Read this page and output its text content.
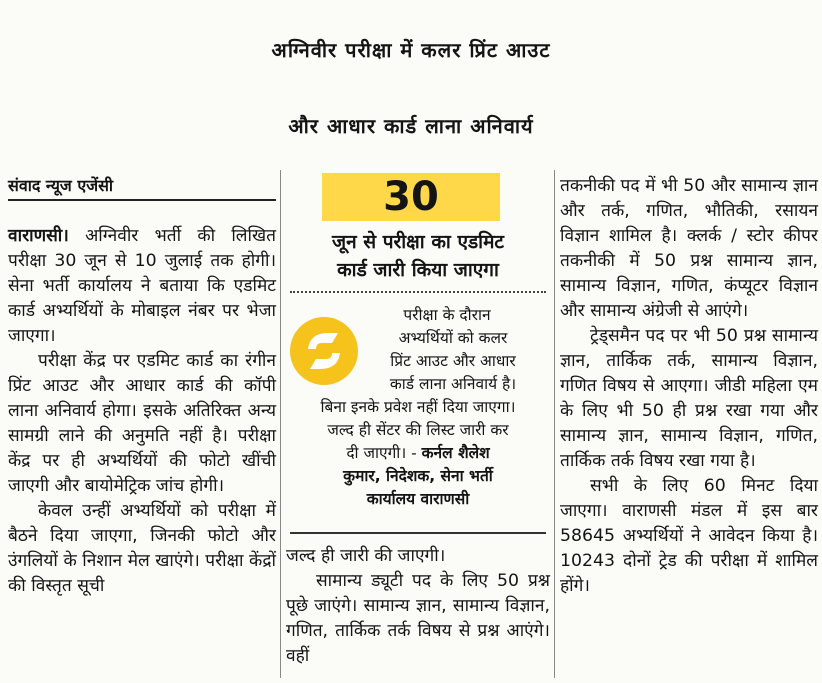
अग्निवीर परीक्षा में कलर प्रिंट आउट
और आधार कार्ड लाना अनिवार्य
संवाद न्यूज एजेंसी

वाराणसी। अग्निवीर भर्ती की लिखित परीक्षा 30 जून से 10 जुलाई तक होगी। सेना भर्ती कार्यालय ने बताया कि एडमिट कार्ड अभ्यर्थियों के मोबाइल नंबर पर भेजा जाएगा।

परीक्षा केंद्र पर एडमिट कार्ड का रंगीन प्रिंट आउट और आधार कार्ड की कॉपी लाना अनिवार्य होगा। इसके अतिरिक्त अन्य सामग्री लाने की अनुमति नहीं है। परीक्षा केंद्र पर ही अभ्यर्थियों की फोटो खींची जाएगी और बायोमेट्रिक जांच होगी।

केवल उन्हीं अभ्यर्थियों को परीक्षा में बैठने दिया जाएगा, जिनकी फोटो और उंगलियों के निशान मेल खाएंगे। परीक्षा केंद्रों की विस्तृत सूची

30
जून से परीक्षा का एडमिट
कार्ड जारी किया जाएगा
परीक्षा के दौरान
अभ्यर्थियों को कलर
प्रिंट आउट और आधार
कार्ड लाना अनिवार्य है।
बिना इनके प्रवेश नहीं दिया जाएगा।
जल्द ही सेंटर की लिस्ट जारी कर
दी जाएगी। - कर्नल शैलेश
कुमार, निदेशक, सेना भर्ती
कार्यालय वाराणसी

जल्द ही जारी की जाएगी।

सामान्य ड्यूटी पद के लिए 50 प्रश्न पूछे जाएंगे। सामान्य ज्ञान, सामान्य विज्ञान, गणित, तार्किक तर्क विषय से प्रश्न आएंगे। वहीं

तकनीकी पद में भी 50 और सामान्य ज्ञान और तर्क, गणित, भौतिकी, रसायन विज्ञान शामिल है। क्लर्क / स्टोर कीपर तकनीकी में 50 प्रश्न सामान्य ज्ञान, सामान्य विज्ञान, गणित, कंप्यूटर विज्ञान और सामान्य अंग्रेजी से आएंगे।

ट्रेड्समैन पद पर भी 50 प्रश्न सामान्य ज्ञान, तार्किक तर्क, सामान्य विज्ञान, गणित विषय से आएगा। जीडी महिला एम के लिए भी 50 ही प्रश्न रखा गया और सामान्य ज्ञान, सामान्य विज्ञान, गणित, तार्किक तर्क विषय रखा गया है।

सभी के लिए 60 मिनट दिया जाएगा। वाराणसी मंडल में इस बार 58645 अभ्यर्थियों ने आवेदन किया है। 10243 दोनों ट्रेड की परीक्षा में शामिल होंगे।
